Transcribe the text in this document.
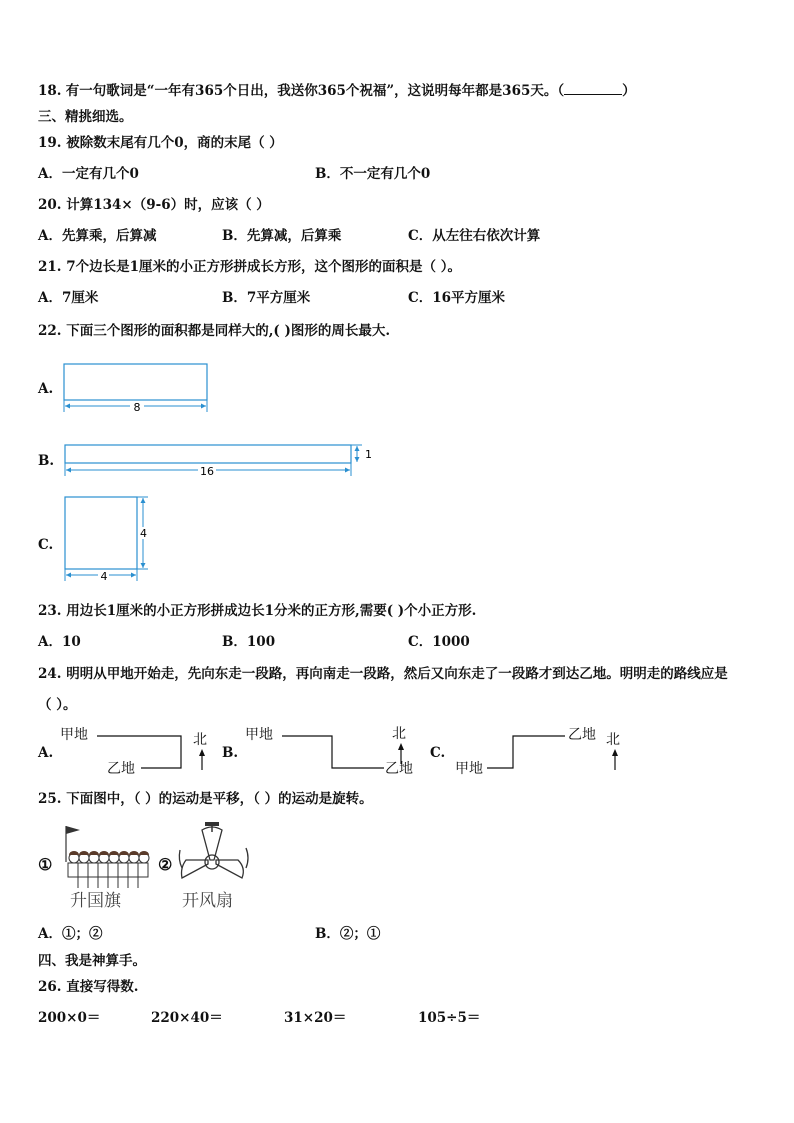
18. 有一句歌词是“一年有365个日出，我送你365个祝福”，这说明每年都是365天。（	）
三、精挑细选。
19. 被除数末尾有几个0，商的末尾（ ）
A．一定有几个0	B．不一定有几个0
20. 计算134×（9-6）时，应该（ ）
A．先算乘，后算减	B．先算减，后算乘	C．从左往右依次计算
21. 7个边长是1厘米的小正方形拼成长方形，这个图形的面积是（ ）。
A．7厘米	B．7平方厘米	C．16平方厘米
22. 下面三个图形的面积都是同样大的,( )图形的周长最大.
A.
8
B.
16
1
C.
4
4
23. 用边长1厘米的小正方形拼成边长1分米的正方形,需要( )个小正方形.
A．10	B．100	C．1000
24. 明明从甲地开始走，先向东走一段路，再向南走一段路，然后又向东走了一段路才到达乙地。明明走的路线应是
（ ）。
A.
甲地
乙地
北
B.
甲地
乙地
北
C.
甲地
乙地 北
25. 下面图中，（ ）的运动是平移，（ ）的运动是旋转。
①
升国旗
②
开风扇
A．①；②	B．②；①
四、我是神算手。
26. 直接写得数.
200×0＝	220×40＝	31×20＝	105÷5＝
